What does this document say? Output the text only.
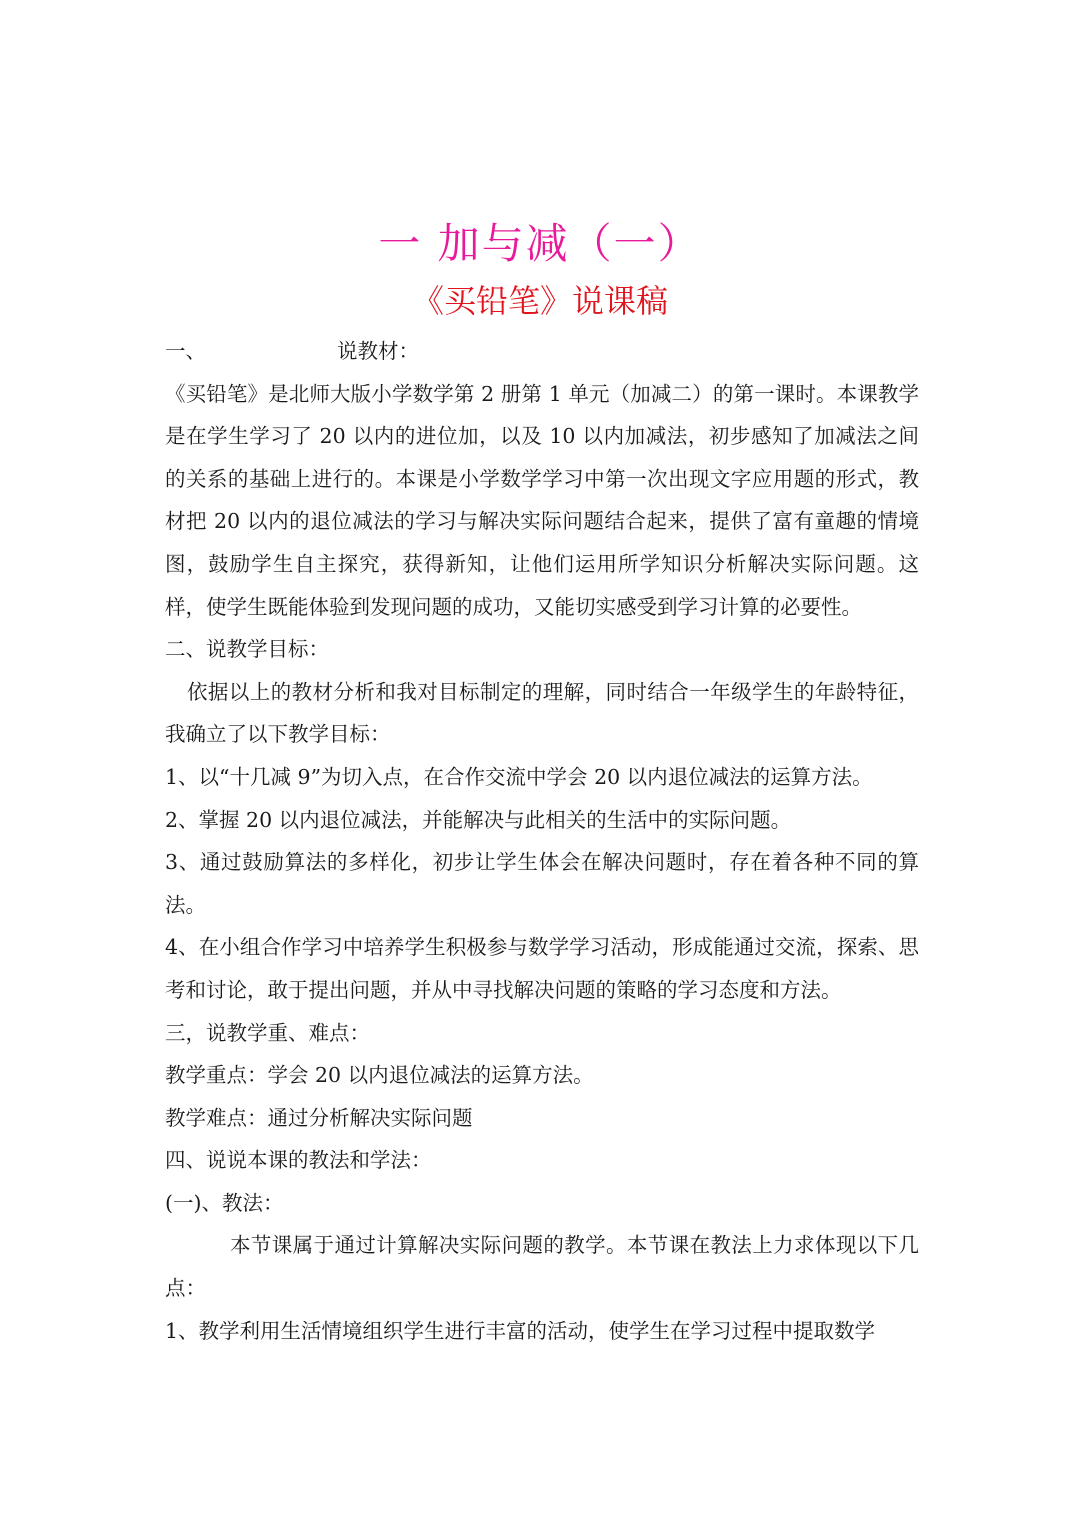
一 加与减（一）
《买铅笔》说课稿

一、	说教材：

《买铅笔》是北师大版小学数学第 2 册第 1 单元（加减二）的第一课时。本课教学是在学生学习了 20 以内的进位加，以及 10 以内加减法，初步感知了加减法之间的关系的基础上进行的。本课是小学数学学习中第一次出现文字应用题的形式，教材把 20 以内的退位减法的学习与解决实际问题结合起来，提供了富有童趣的情境图，鼓励学生自主探究，获得新知，让他们运用所学知识分析解决实际问题。这样，使学生既能体验到发现问题的成功，又能切实感受到学习计算的必要性。

二、说教学目标：

依据以上的教材分析和我对目标制定的理解，同时结合一年级学生的年龄特征，我确立了以下教学目标：

1、以“十几减 9”为切入点，在合作交流中学会 20 以内退位减法的运算方法。

2、掌握 20 以内退位减法，并能解决与此相关的生活中的实际问题。

3、通过鼓励算法的多样化，初步让学生体会在解决问题时，存在着各种不同的算法。

4、在小组合作学习中培养学生积极参与数学学习活动，形成能通过交流，探索、思考和讨论，敢于提出问题，并从中寻找解决问题的策略的学习态度和方法。

三，说教学重、难点：

教学重点：学会 20 以内退位减法的运算方法。

教学难点：通过分析解决实际问题

四、说说本课的教法和学法：

(一)、教法：

本节课属于通过计算解决实际问题的教学。本节课在教法上力求体现以下几点：

1、教学利用生活情境组织学生进行丰富的活动，使学生在学习过程中提取数学
